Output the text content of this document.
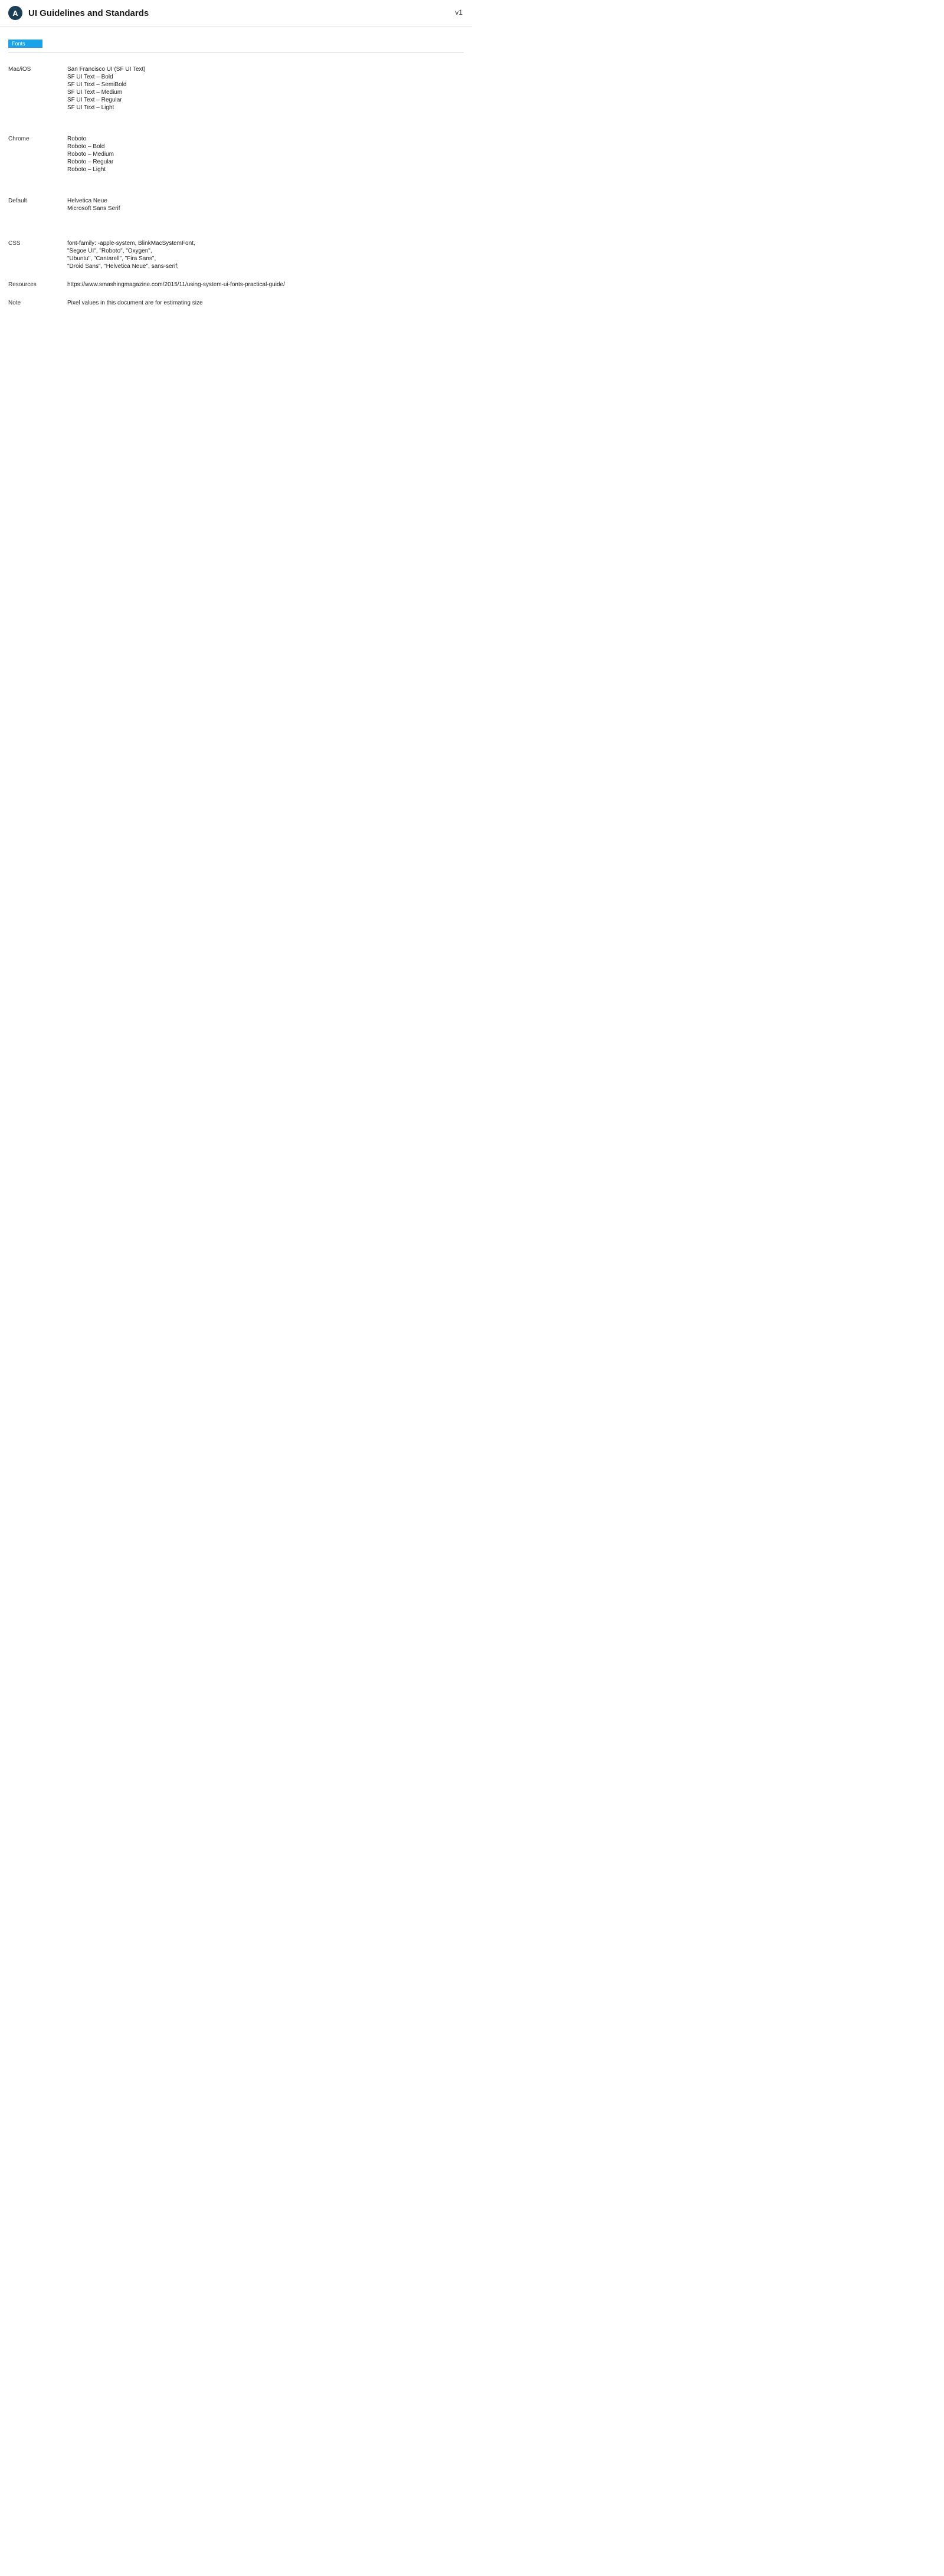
A	UI Guidelines and Standards	v1
Fonts
Mac/iOS	San Francisco UI (SF UI Text)
SF UI Text – Bold
SF UI Text – SemiBold
SF UI Text – Medium
SF UI Text – Regular
SF UI Text – Light
Chrome	Roboto
Roboto – Bold
Roboto – Medium
Roboto – Regular
Roboto – Light
Default	Helvetica Neue
Microsoft Sans Serif
CSS	font-family: -apple-system, BlinkMacSystemFont,
"Segoe UI", "Roboto", "Oxygen",
"Ubuntu", "Cantarell", "Fira Sans",
"Droid Sans", "Helvetica Neue", sans-serif;
Resources	https://www.smashingmagazine.com/2015/11/using-system-ui-fonts-practical-guide/
Note	Pixel values in this document are for estimating size
